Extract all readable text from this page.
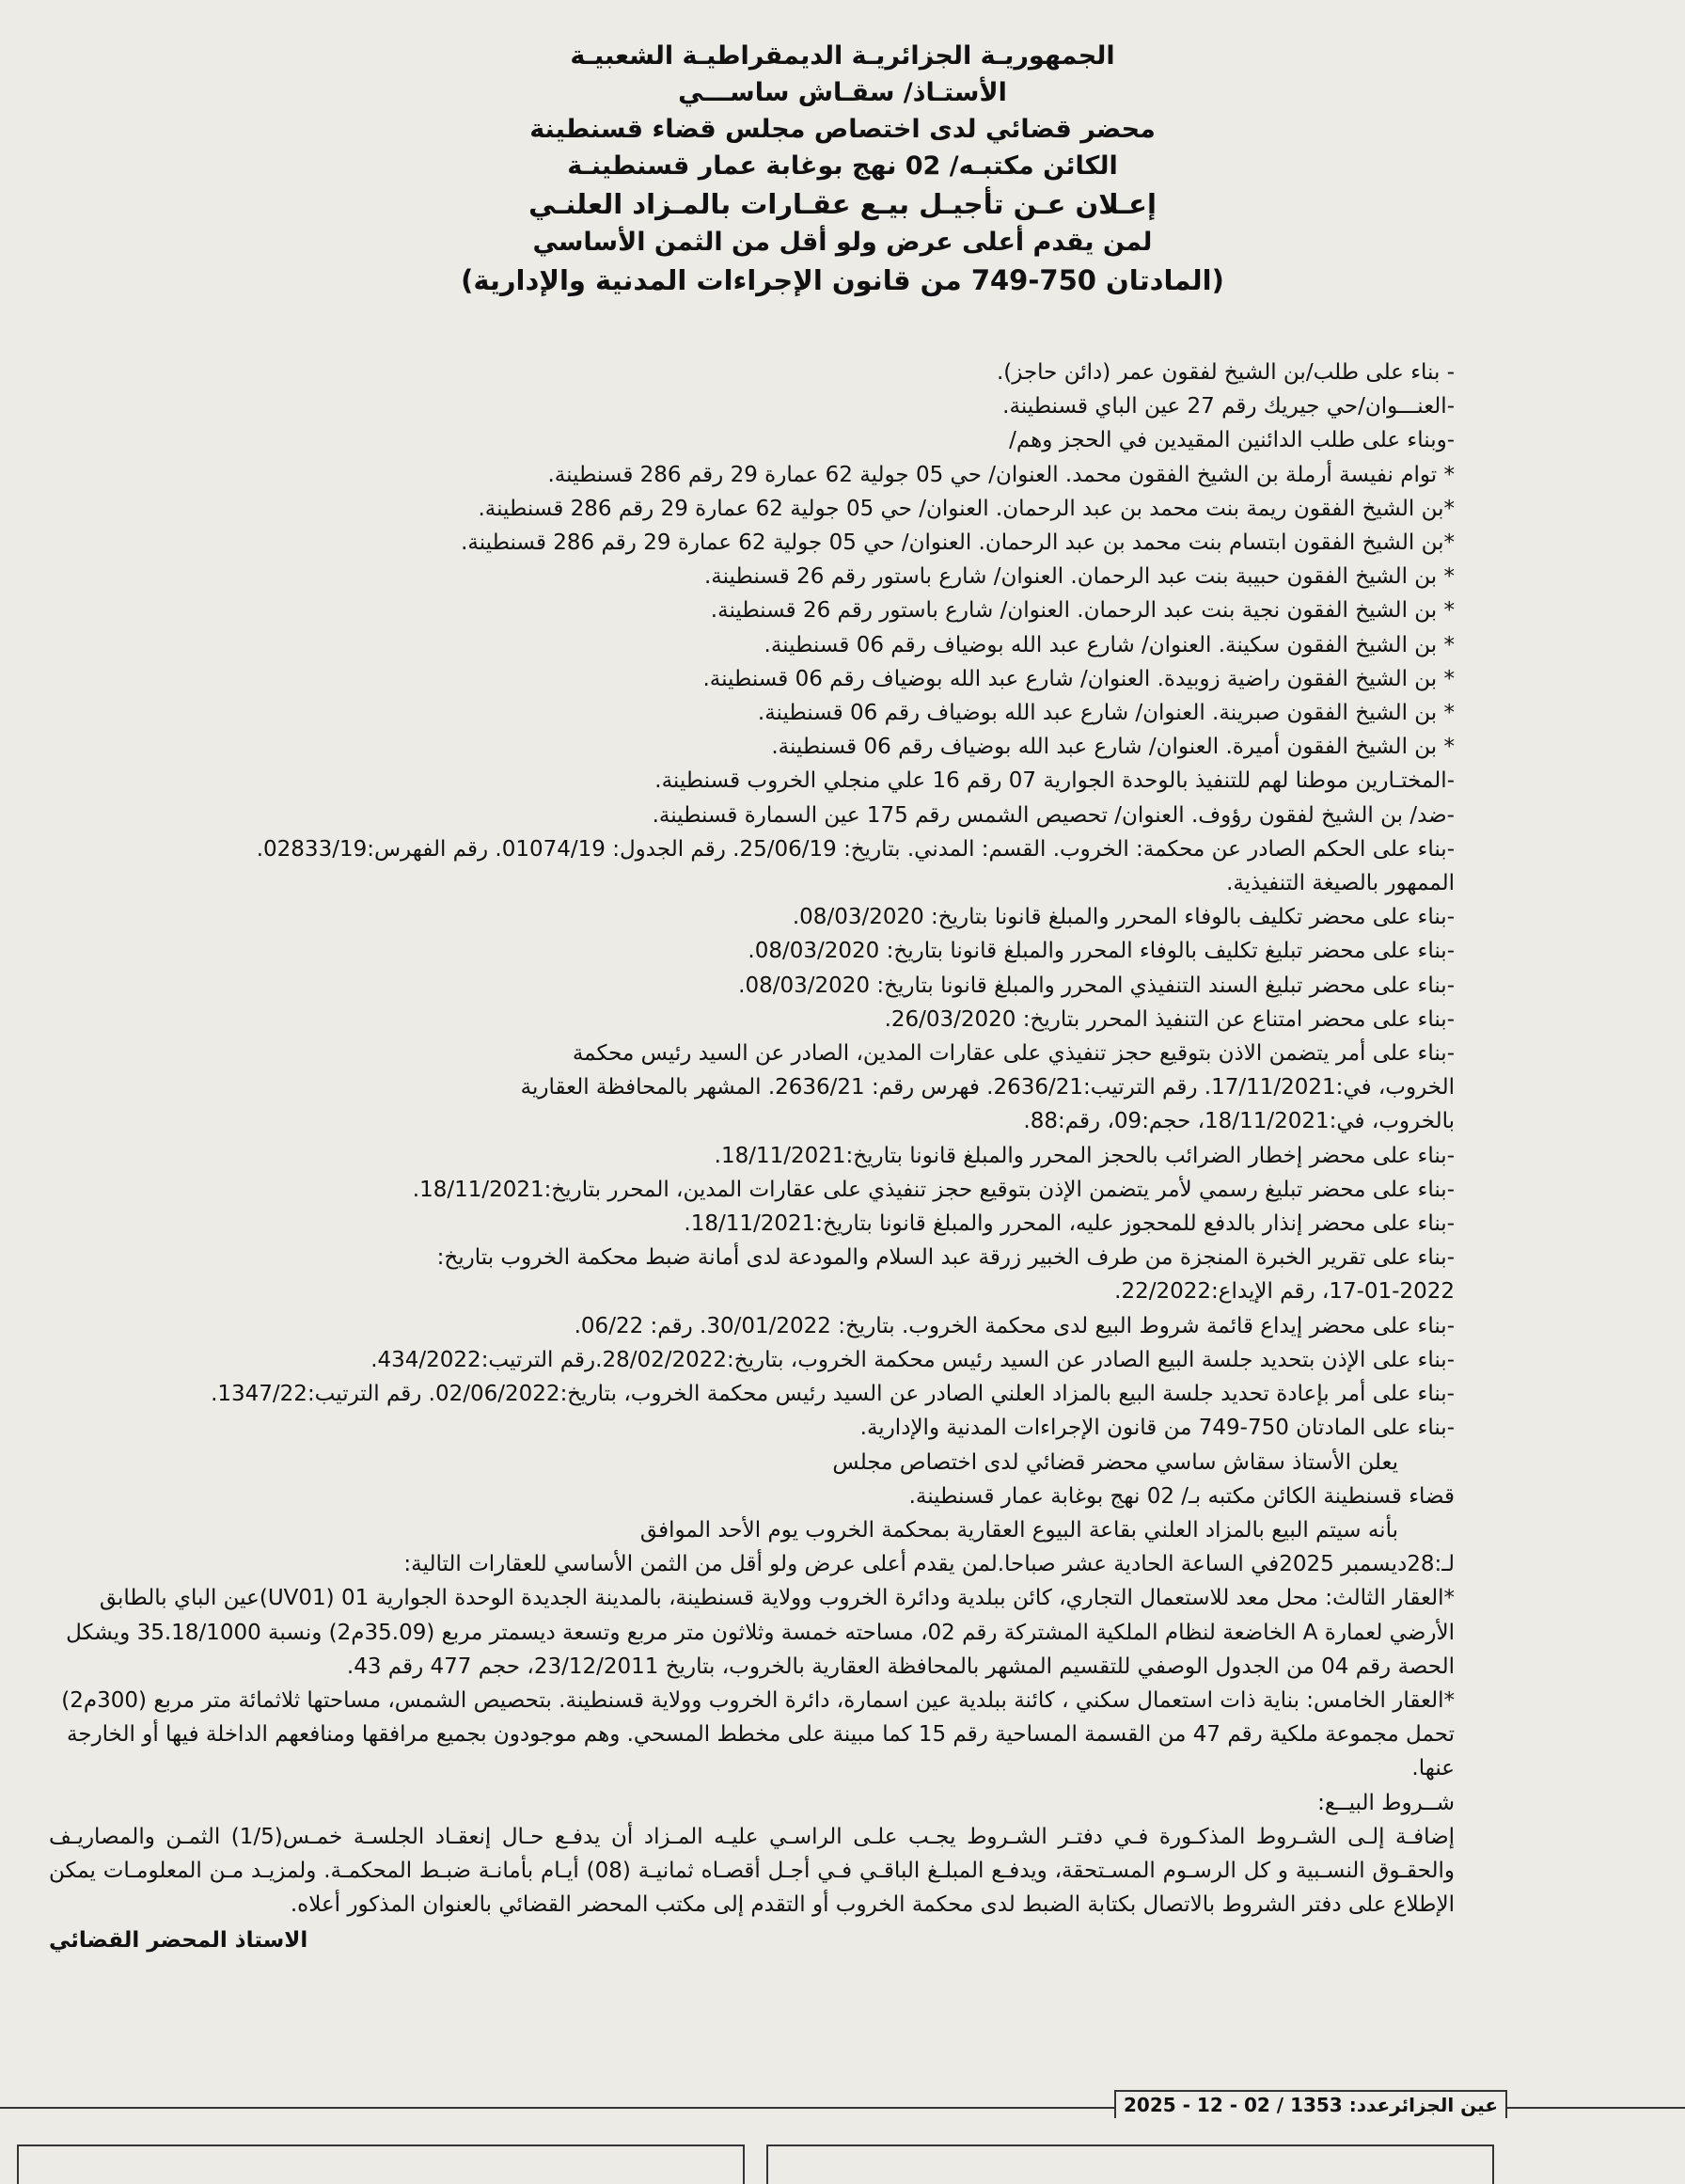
الجمهوريـة الجزائريـة الديمقراطيـة الشعبيـة

الأستـاذ/ سقـاش ساســـي

محضر قضائي لدى اختصاص مجلس قضاء قسنطينة

الكائن مكتبـه/ 02 نهج بوغابة عمار قسنطينـة

إعـلان عـن تأجيـل بيـع عقـارات بالمـزاد العلنـي

لمن يقدم أعلى عرض ولو أقل من الثمن الأساسي

(المادتان 750-749 من قانون الإجراءات المدنية والإدارية)

- بناء على طلب/بن الشيخ لفقون عمر (دائن حاجز).

-العنـــوان/حي جيريك رقم 27 عين الباي قسنطينة.

-وبناء على طلب الدائنين المقيدين في الحجز وهم/

* توام نفيسة أرملة بن الشيخ الفقون محمد. العنوان/ حي 05 جولية 62 عمارة 29 رقم 286 قسنطينة.

*بن الشيخ الفقون ريمة بنت محمد بن عبد الرحمان. العنوان/ حي 05 جولية 62 عمارة 29 رقم 286 قسنطينة.

*بن الشيخ الفقون ابتسام بنت محمد بن عبد الرحمان. العنوان/ حي 05 جولية 62 عمارة 29 رقم 286 قسنطينة.

* بن الشيخ الفقون حبيبة بنت عبد الرحمان. العنوان/ شارع باستور رقم 26 قسنطينة.

* بن الشيخ الفقون نجية بنت عبد الرحمان. العنوان/ شارع باستور رقم 26 قسنطينة.

* بن الشيخ الفقون سكينة. العنوان/ شارع عبد الله بوضياف رقم 06 قسنطينة.

* بن الشيخ الفقون راضية زوبيدة. العنوان/ شارع عبد الله بوضياف رقم 06 قسنطينة.

* بن الشيخ الفقون صبرينة. العنوان/ شارع عبد الله بوضياف رقم 06 قسنطينة.

* بن الشيخ الفقون أميرة. العنوان/ شارع عبد الله بوضياف رقم 06 قسنطينة.

-المختـارين موطنا لهم للتنفيذ بالوحدة الجوارية 07 رقم 16 علي منجلي الخروب قسنطينة.

-ضد/ بن الشيخ لفقون رؤوف. العنوان/ تحصيص الشمس رقم 175 عين السمارة قسنطينة.

-بناء على الحكم الصادر عن محكمة: الخروب. القسم: المدني. بتاريخ: 25/06/19. رقم الجدول: 01074/19. رقم الفهرس:02833/19.

الممهور بالصيغة التنفيذية.

-بناء على محضر تكليف بالوفاء المحرر والمبلغ قانونا بتاريخ: 08/03/2020.

-بناء على محضر تبليغ تكليف بالوفاء المحرر والمبلغ قانونا بتاريخ: 08/03/2020.

-بناء على محضر تبليغ السند التنفيذي المحرر والمبلغ قانونا بتاريخ: 08/03/2020.

-بناء على محضر امتناع عن التنفيذ المحرر بتاريخ: 26/03/2020.

-بناء على أمر يتضمن الاذن بتوقيع حجز تنفيذي على عقارات المدين، الصادر عن السيد رئيس محكمة

الخروب، في:17/11/2021. رقم الترتيب:2636/21. فهرس رقم: 2636/21. المشهر بالمحافظة العقارية

بالخروب، في:18/11/2021، حجم:09، رقم:88.

-بناء على محضر إخطار الضرائب بالحجز المحرر والمبلغ قانونا بتاريخ:18/11/2021.

-بناء على محضر تبليغ رسمي لأمر يتضمن الإذن بتوقيع حجز تنفيذي على عقارات المدين، المحرر بتاريخ:18/11/2021.

-بناء على محضر إنذار بالدفع للمحجوز عليه، المحرر والمبلغ قانونا بتاريخ:18/11/2021.

-بناء على تقرير الخبرة المنجزة من طرف الخبير زرقة عبد السلام والمودعة لدى أمانة ضبط محكمة الخروب بتاريخ:

17-01-2022، رقم الإيداع:22/2022.

-بناء على محضر إيداع قائمة شروط البيع لدى محكمة الخروب. بتاريخ: 30/01/2022. رقم: 06/22.

-بناء على الإذن بتحديد جلسة البيع الصادر عن السيد رئيس محكمة الخروب، بتاريخ:28/02/2022.رقم الترتيب:434/2022.

-بناء على أمر بإعادة تحديد جلسة البيع بالمزاد العلني الصادر عن السيد رئيس محكمة الخروب، بتاريخ:02/06/2022. رقم الترتيب:1347/22.

-بناء على المادتان 750-749 من قانون الإجراءات المدنية والإدارية.

يعلن الأستاذ سقاش ساسي محضر قضائي لدى اختصاص مجلس

قضاء قسنطينة الكائن مكتبه بـ/ 02 نهج بوغابة عمار قسنطينة.

بأنه سيتم البيع بالمزاد العلني بقاعة البيوع العقارية بمحكمة الخروب يوم الأحد الموافق

لـ:28ديسمبر 2025في الساعة الحادية عشر صباحا.لمن يقدم أعلى عرض ولو أقل من الثمن الأساسي للعقارات التالية:

*العقار الثالث: محل معد للاستعمال التجاري، كائن ببلدية ودائرة الخروب وولاية قسنطينة، بالمدينة الجديدة الوحدة الجوارية 01 (UV01)عين الباي بالطابق الأرضي لعمارة A الخاضعة لنظام الملكية المشتركة رقم 02، مساحته خمسة وثلاثون متر مربع وتسعة ديسمتر مربع (35.09م2) ونسبة 35.18/1000 ويشكل الحصة رقم 04 من الجدول الوصفي للتقسيم المشهر بالمحافظة العقارية بالخروب، بتاريخ 23/12/2011، حجم 477 رقم 43.

*العقار الخامس: بناية ذات استعمال سكني ، كائنة ببلدية عين اسمارة، دائرة الخروب وولاية قسنطينة. بتحصيص الشمس، مساحتها ثلاثمائة متر مربع (300م2) تحمل مجموعة ملكية رقم 47 من القسمة المساحية رقم 15 كما مبينة على مخطط المسحي. وهم موجودون بجميع مرافقها ومنافعهم الداخلة فيها أو الخارجة عنها.

شــروط البيــع:

إضافـة إلـى الشـروط المذكـورة فـي دفتـر الشـروط يجـب علـى الراسـي عليـه المـزاد أن يدفـع حـال إنعقـاد الجلسـة خمـس(1/5) الثمـن والمصاريـف والحقـوق النسـبية و كل الرسـوم المسـتحقة، ويدفـع المبلـغ الباقـي فـي أجـل أقصـاه ثمانيـة (08) أيـام بأمانـة ضبـط المحكمـة. ولمزيـد مـن المعلومـات يمكن الإطلاع على دفتر الشروط بالاتصال بكتابة الضبط لدى محكمة الخروب أو التقدم إلى مكتب المحضر القضائي بالعنوان المذكور أعلاه.

الاستاذ المحضر القضائي

عين الجزائرعدد: 1353 / 02 - 12 - 2025
